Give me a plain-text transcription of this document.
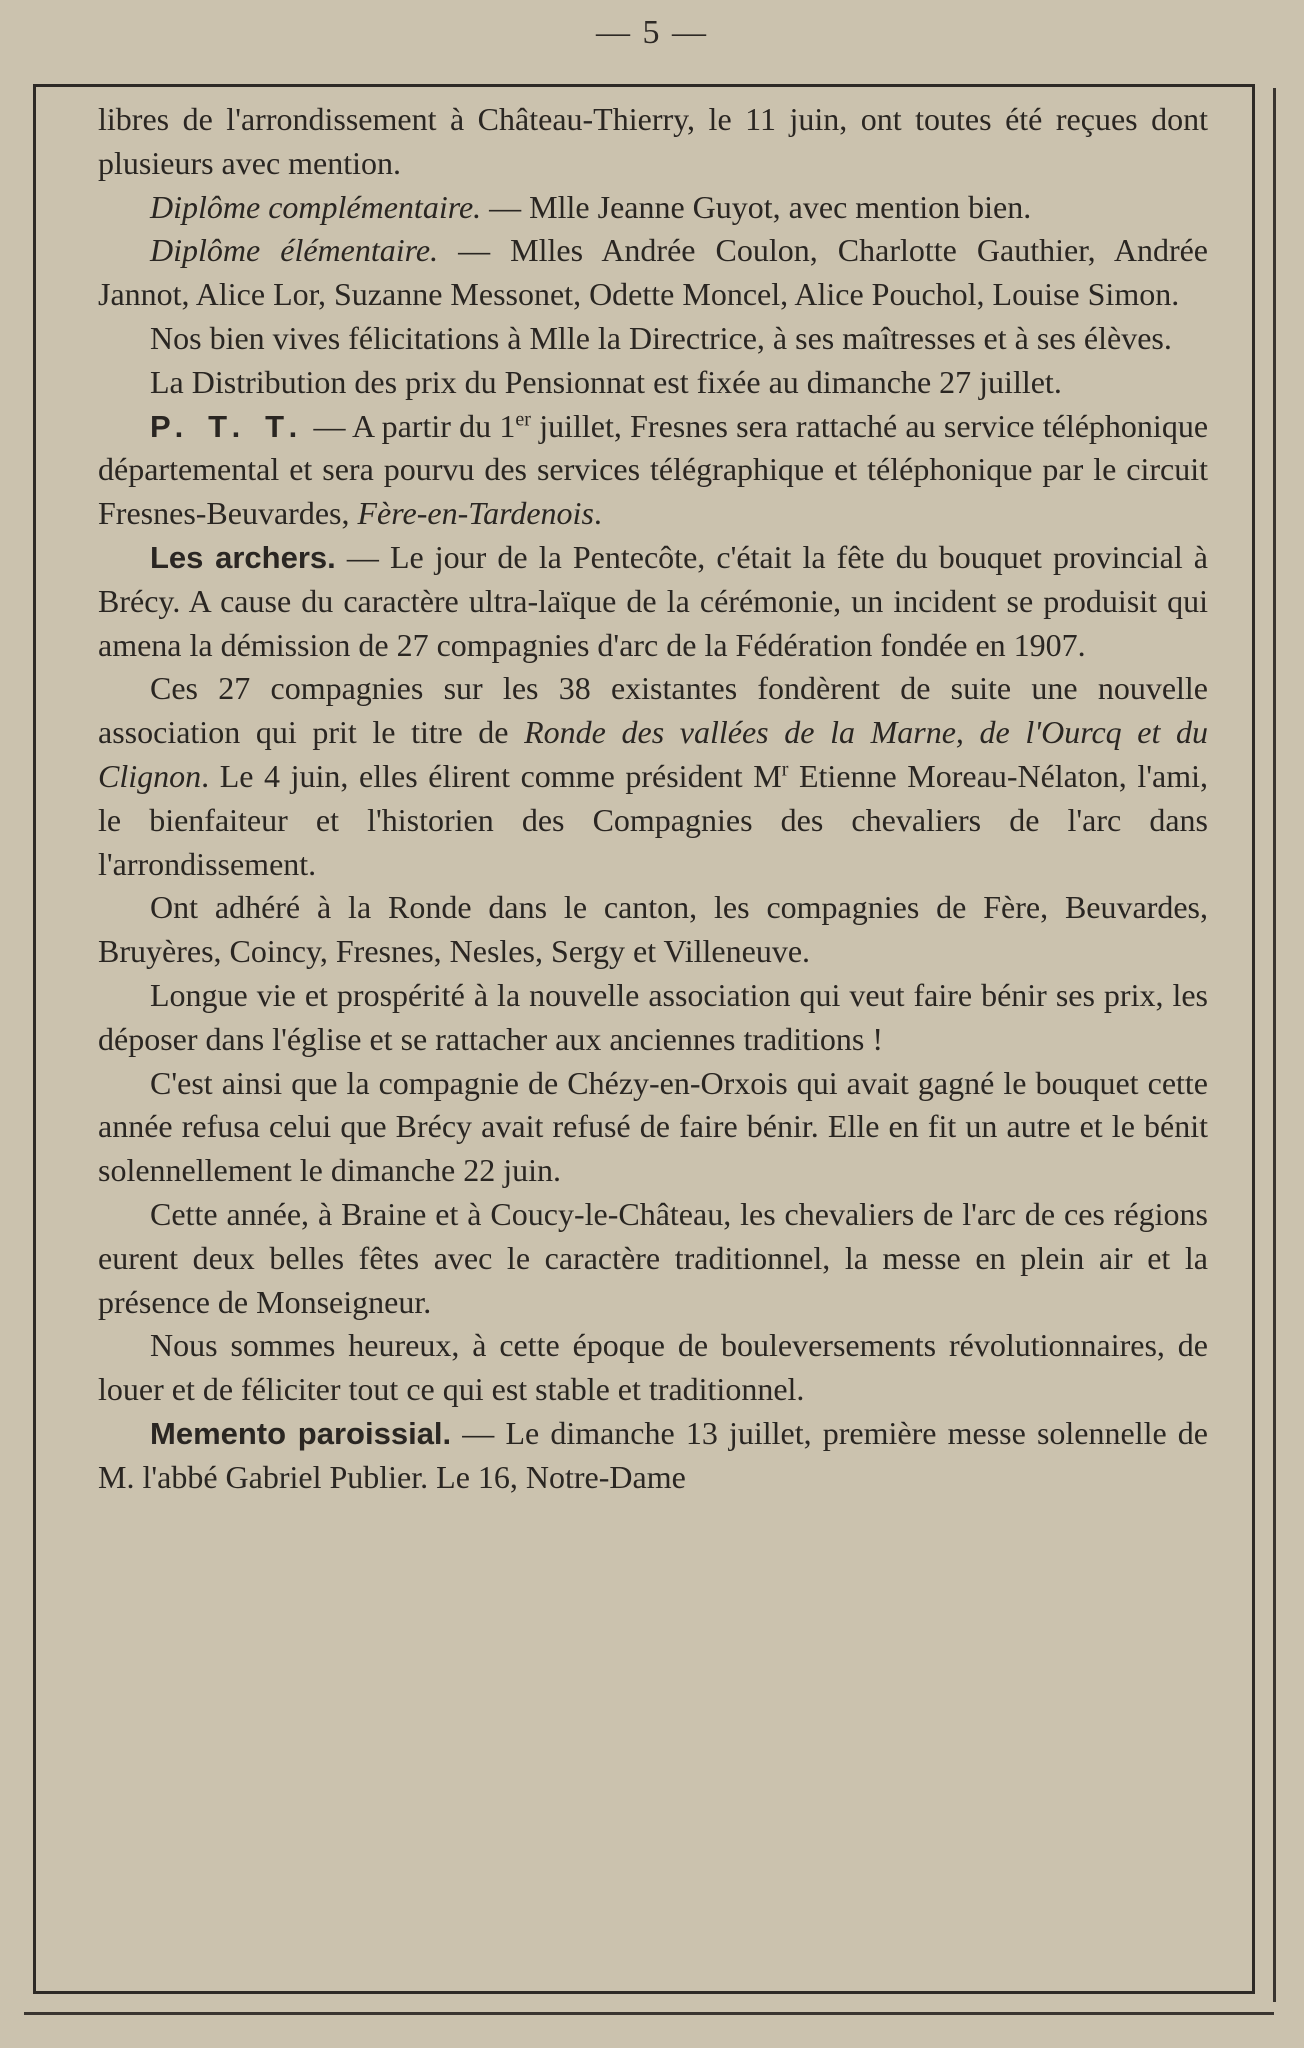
— 5 —

libres de l'arrondissement à Château-Thierry, le 11 juin, ont toutes été reçues dont plusieurs avec mention.

Diplôme complémentaire. — Mlle Jeanne Guyot, avec mention bien.

Diplôme élémentaire. — Mlles Andrée Coulon, Charlotte Gauthier, Andrée Jannot, Alice Lor, Suzanne Messonet, Odette Moncel, Alice Pouchol, Louise Simon.

Nos bien vives félicitations à Mlle la Directrice, à ses maîtresses et à ses élèves.

La Distribution des prix du Pensionnat est fixée au dimanche 27 juillet.

P. T. T. — A partir du 1er juillet, Fresnes sera rattaché au service téléphonique départemental et sera pourvu des services télégraphique et téléphonique par le circuit Fresnes-Beuvardes, Fère-en-Tardenois.

Les archers. — Le jour de la Pentecôte, c'était la fête du bouquet provincial à Brécy. A cause du caractère ultra-laïque de la cérémonie, un incident se produisit qui amena la démission de 27 compagnies d'arc de la Fédération fondée en 1907.

Ces 27 compagnies sur les 38 existantes fondèrent de suite une nouvelle association qui prit le titre de Ronde des vallées de la Marne, de l'Ourcq et du Clignon. Le 4 juin, elles élirent comme président $M^r$ Etienne Moreau-Nélaton, l'ami, le bienfaiteur et l'historien des Compagnies des chevaliers de l'arc dans l'arrondissement.

Ont adhéré à la Ronde dans le canton, les compagnies de Fère, Beuvardes, Bruyères, Coincy, Fresnes, Nesles, Sergy et Villeneuve.

Longue vie et prospérité à la nouvelle association qui veut faire bénir ses prix, les déposer dans l'église et se rattacher aux anciennes traditions !

C'est ainsi que la compagnie de Chézy-en-Orxois qui avait gagné le bouquet cette année refusa celui que Brécy avait refusé de faire bénir. Elle en fit un autre et le bénit solennellement le dimanche 22 juin.

Cette année, à Braine et à Coucy-le-Château, les chevaliers de l'arc de ces régions eurent deux belles fêtes avec le caractère traditionnel, la messe en plein air et la présence de Monseigneur.

Nous sommes heureux, à cette époque de bouleversements révolutionnaires, de louer et de féliciter tout ce qui est stable et traditionnel.

Memento paroissial. — Le dimanche 13 juillet, première messe solennelle de M. l'abbé Gabriel Publier. Le 16, Notre-Dame
